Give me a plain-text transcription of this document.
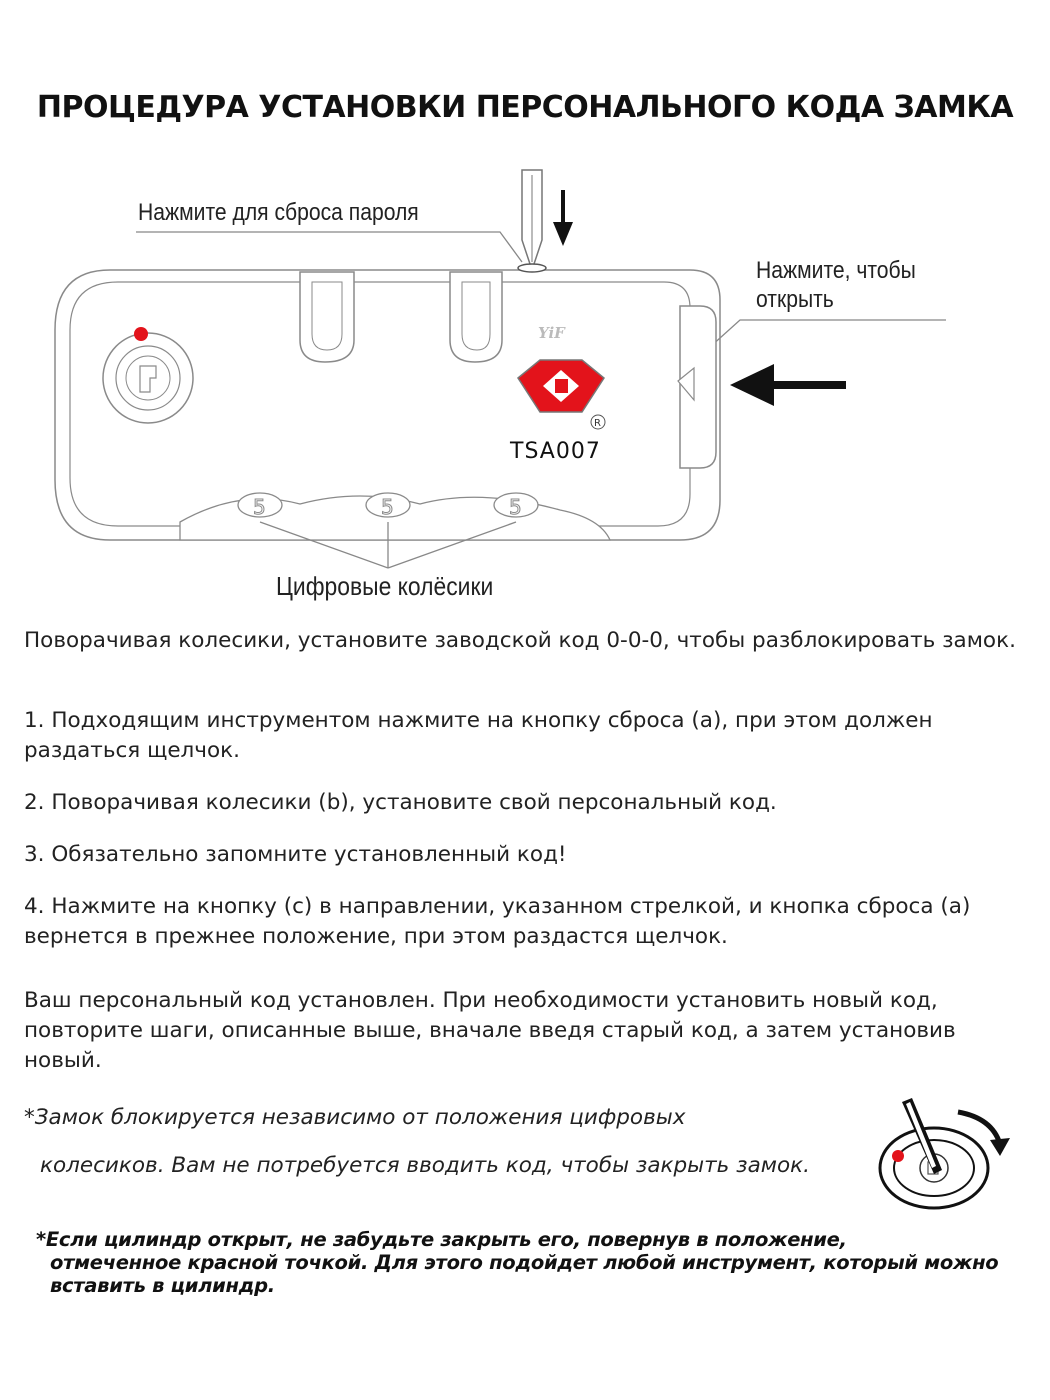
ПРОЦЕДУРА УСТАНОВКИ ПЕРСОНАЛЬНОГО КОДА ЗАМКА
YiF
R
TSA007
5	5	5
Нажмите для сброса пароля
Нажмите, чтобы открыть
Цифровые колёсики

Поворачивая колесики, установите заводской код 0-0-0, чтобы разблокировать замок.

1. Подходящим инструментом нажмите на кнопку сброса (a), при этом должен раздаться щелчок.

2. Поворачивая колесики (b), установите свой персональный код.

3. Обязательно запомните установленный код!

4. Нажмите на кнопку (с) в направлении, указанном стрелкой, и кнопка сброса (a) вернется в прежнее положение, при этом раздастся щелчок.

Ваш персональный код установлен. При необходимости установить новый код, повторите шаги, описанные выше, вначале введя старый код, а затем установив новый.

*Замок блокируется независимо от положения цифровых

колесиков. Вам не потребуется вводить код, чтобы закрыть замок.

*Если цилиндр открыт, не забудьте закрыть его, повернув в положение,
отмеченное красной точкой. Для этого подойдет любой инструмент, который можно вставить в цилиндр.
